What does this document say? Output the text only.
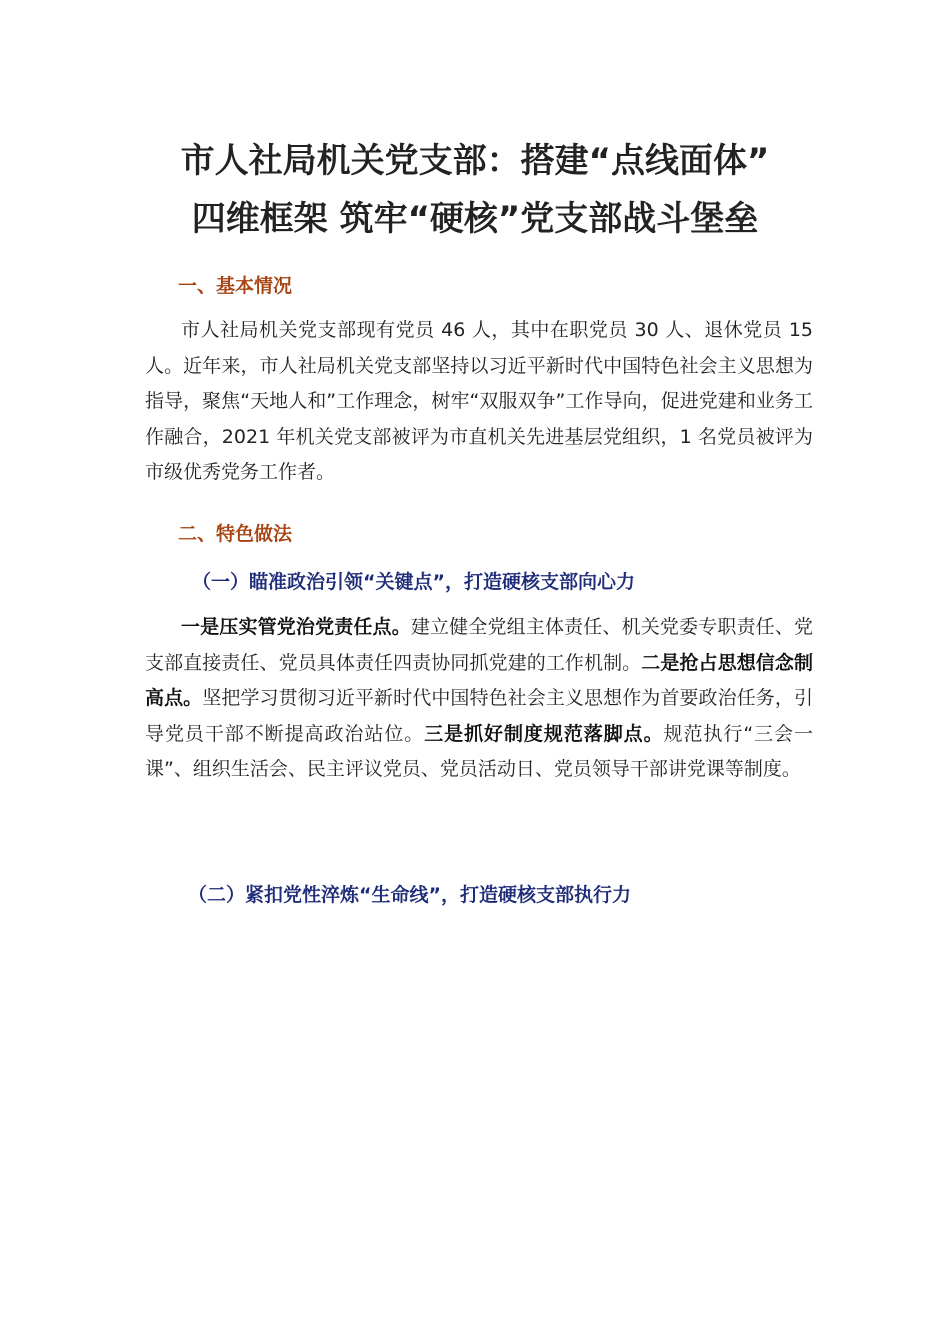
市人社局机关党支部：搭建“点线面体”
四维框架 筑牢“硬核”党支部战斗堡垒
一、基本情况

市人社局机关党支部现有党员 46 人，其中在职党员 30 人、退休党员 15 人。近年来，市人社局机关党支部坚持以习近平新时代中国特色社会主义思想为指导，聚焦“天地人和”工作理念，树牢“双服双争”工作导向，促进党建和业务工作融合，2021 年机关党支部被评为市直机关先进基层党组织，1 名党员被评为市级优秀党务工作者。

二、特色做法
（一）瞄准政治引领“关键点”，打造硬核支部向心力

一是压实管党治党责任点。建立健全党组主体责任、机关党委专职责任、党支部直接责任、党员具体责任四责协同抓党建的工作机制。二是抢占思想信念制高点。坚把学习贯彻习近平新时代中国特色社会主义思想作为首要政治任务，引导党员干部不断提高政治站位。三是抓好制度规范落脚点。规范执行“三会一课”、组织生活会、民主评议党员、党员活动日、党员领导干部讲党课等制度。

（二）紧扣党性淬炼“生命线”，打造硬核支部执行力
